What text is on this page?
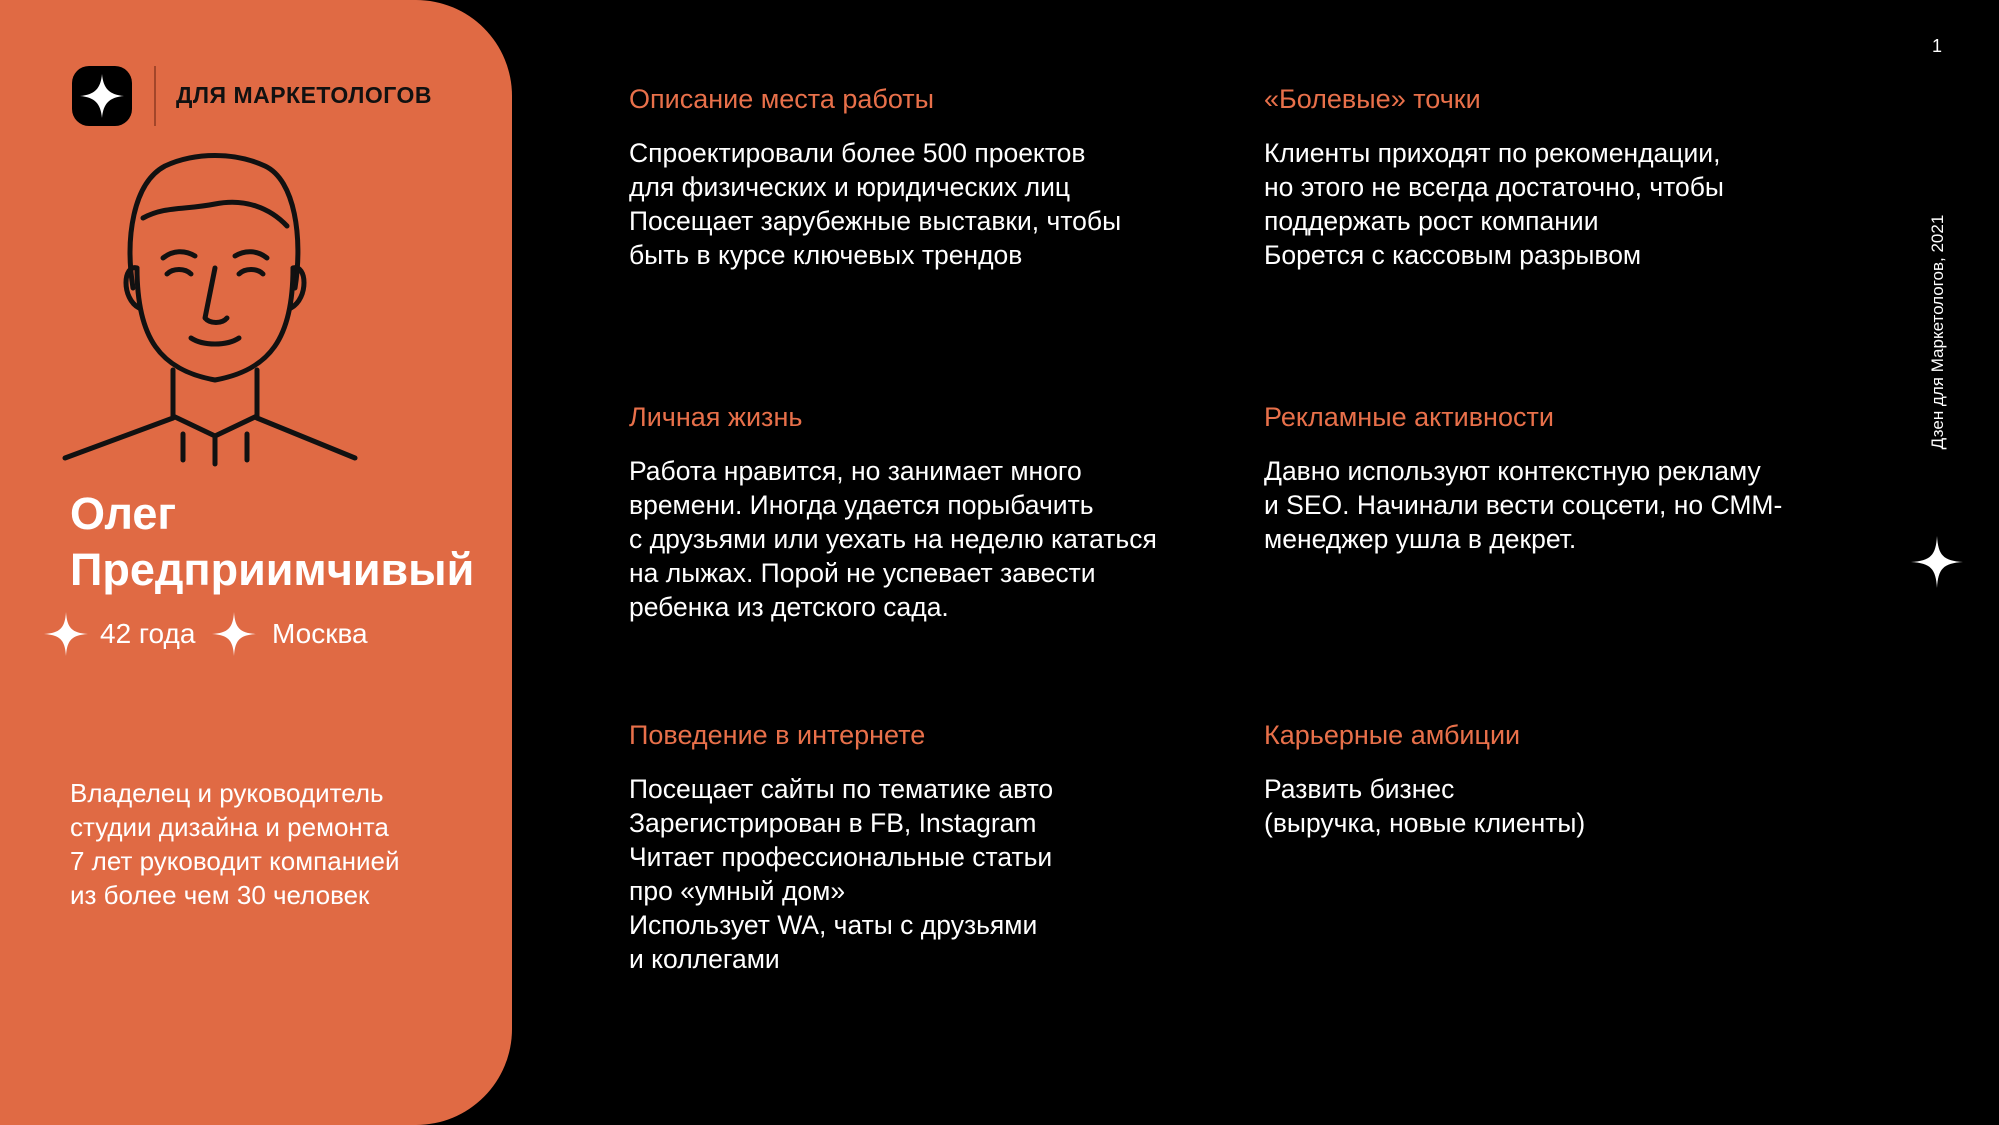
ДЛЯ МАРКЕТОЛОГОВ
Олег
Предприимчивый
42 года	Москва
Владелец и руководитель
студии дизайна и ремонта
7 лет руководит компанией
из более чем 30 человек
Описание места работы
Спроектировали более 500 проектов
для физических и юридических лиц
Посещает зарубежные выставки, чтобы
быть в курсе ключевых трендов
«Болевые» точки
Клиенты приходят по рекомендации,
но этого не всегда достаточно, чтобы
поддержать рост компании
Борется с кассовым разрывом
Личная жизнь
Работа нравится, но занимает много
времени. Иногда удается порыбачить
с друзьями или уехать на неделю кататься
на лыжах. Порой не успевает завести
ребенка из детского сада.
Рекламные активности
Давно используют контекстную рекламу
и SEO. Начинали вести соцсети, но СММ-
менеджер ушла в декрет.
Поведение в интернете
Посещает сайты по тематике авто
Зарегистрирован в FB, Instagram
Читает профессиональные статьи
про «умный дом»
Использует WA, чаты с друзьями
и коллегами
Карьерные амбиции
Развить бизнес
(выручка, новые клиенты)
1
Дзен для Маркетологов, 2021
